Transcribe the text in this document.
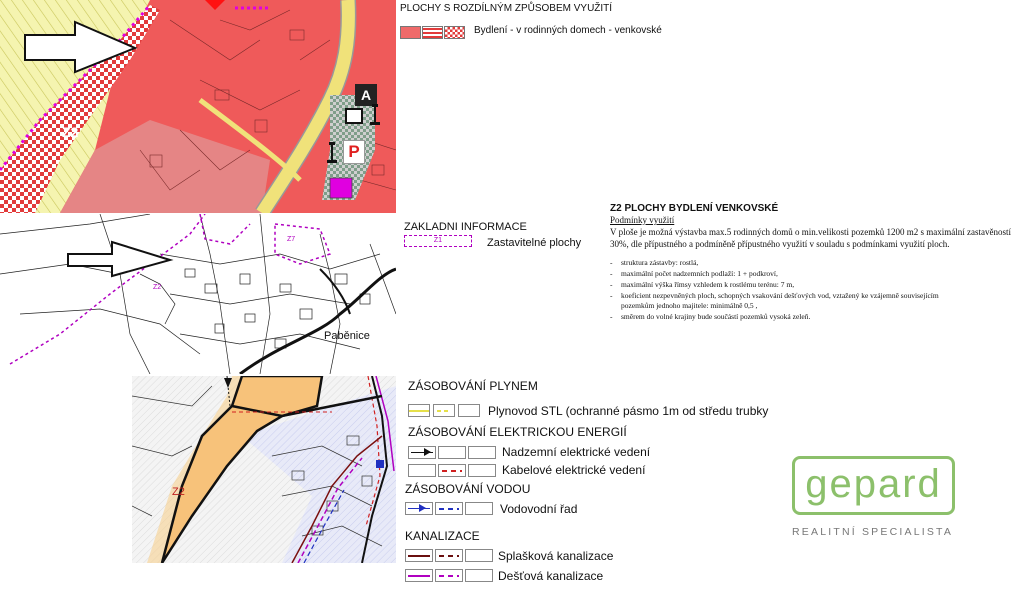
Z2
A
P
PLOCHY S ROZDÍLNÝM ZPŮSOBEM VYUŽITÍ
Bydlení - v rodinných domech - venkovské
Z2
Z7
Paběnice
ZAKLADNI INFORMACE
Z1	Zastavitelné plochy
Z2 PLOCHY BYDLENÍ VENKOVSKÉ
Podmínky využití
V ploše je možná výstavba max.5 rodinných domů o min.velikosti pozemků 1200 m2 s maximální zastavěností 30%, dle přípustného a podmíněně přípustného využití v souladu s podmínkami využití ploch.
-	struktura zástavby: rostlá,
-	maximální počet nadzemních podlaží: 1 + podkroví,
-	maximální výška římsy vzhledem k rostlému terénu: 7 m,
-	koeficient nezpevněných ploch, schopných vsakování dešťových vod, vztažený ke vzájemně souvisejícím pozemkům jednoho majitele: minimálně 0,5 ,
-	směrem do volné krajiny bude součástí pozemků vysoká zeleň.
Z2
ZÁSOBOVÁNÍ PLYNEM
Plynovod STL (ochranné pásmo 1m od středu trubky
ZÁSOBOVÁNÍ ELEKTRICKOU ENERGIÍ
Nadzemní elektrické vedení
Kabelové elektrické vedení
ZÁSOBOVÁNÍ VODOU
Vodovodní řad
KANALIZACE
Splašková kanalizace
Dešťová kanalizace
gepard
REALITNÍ SPECIALISTA
